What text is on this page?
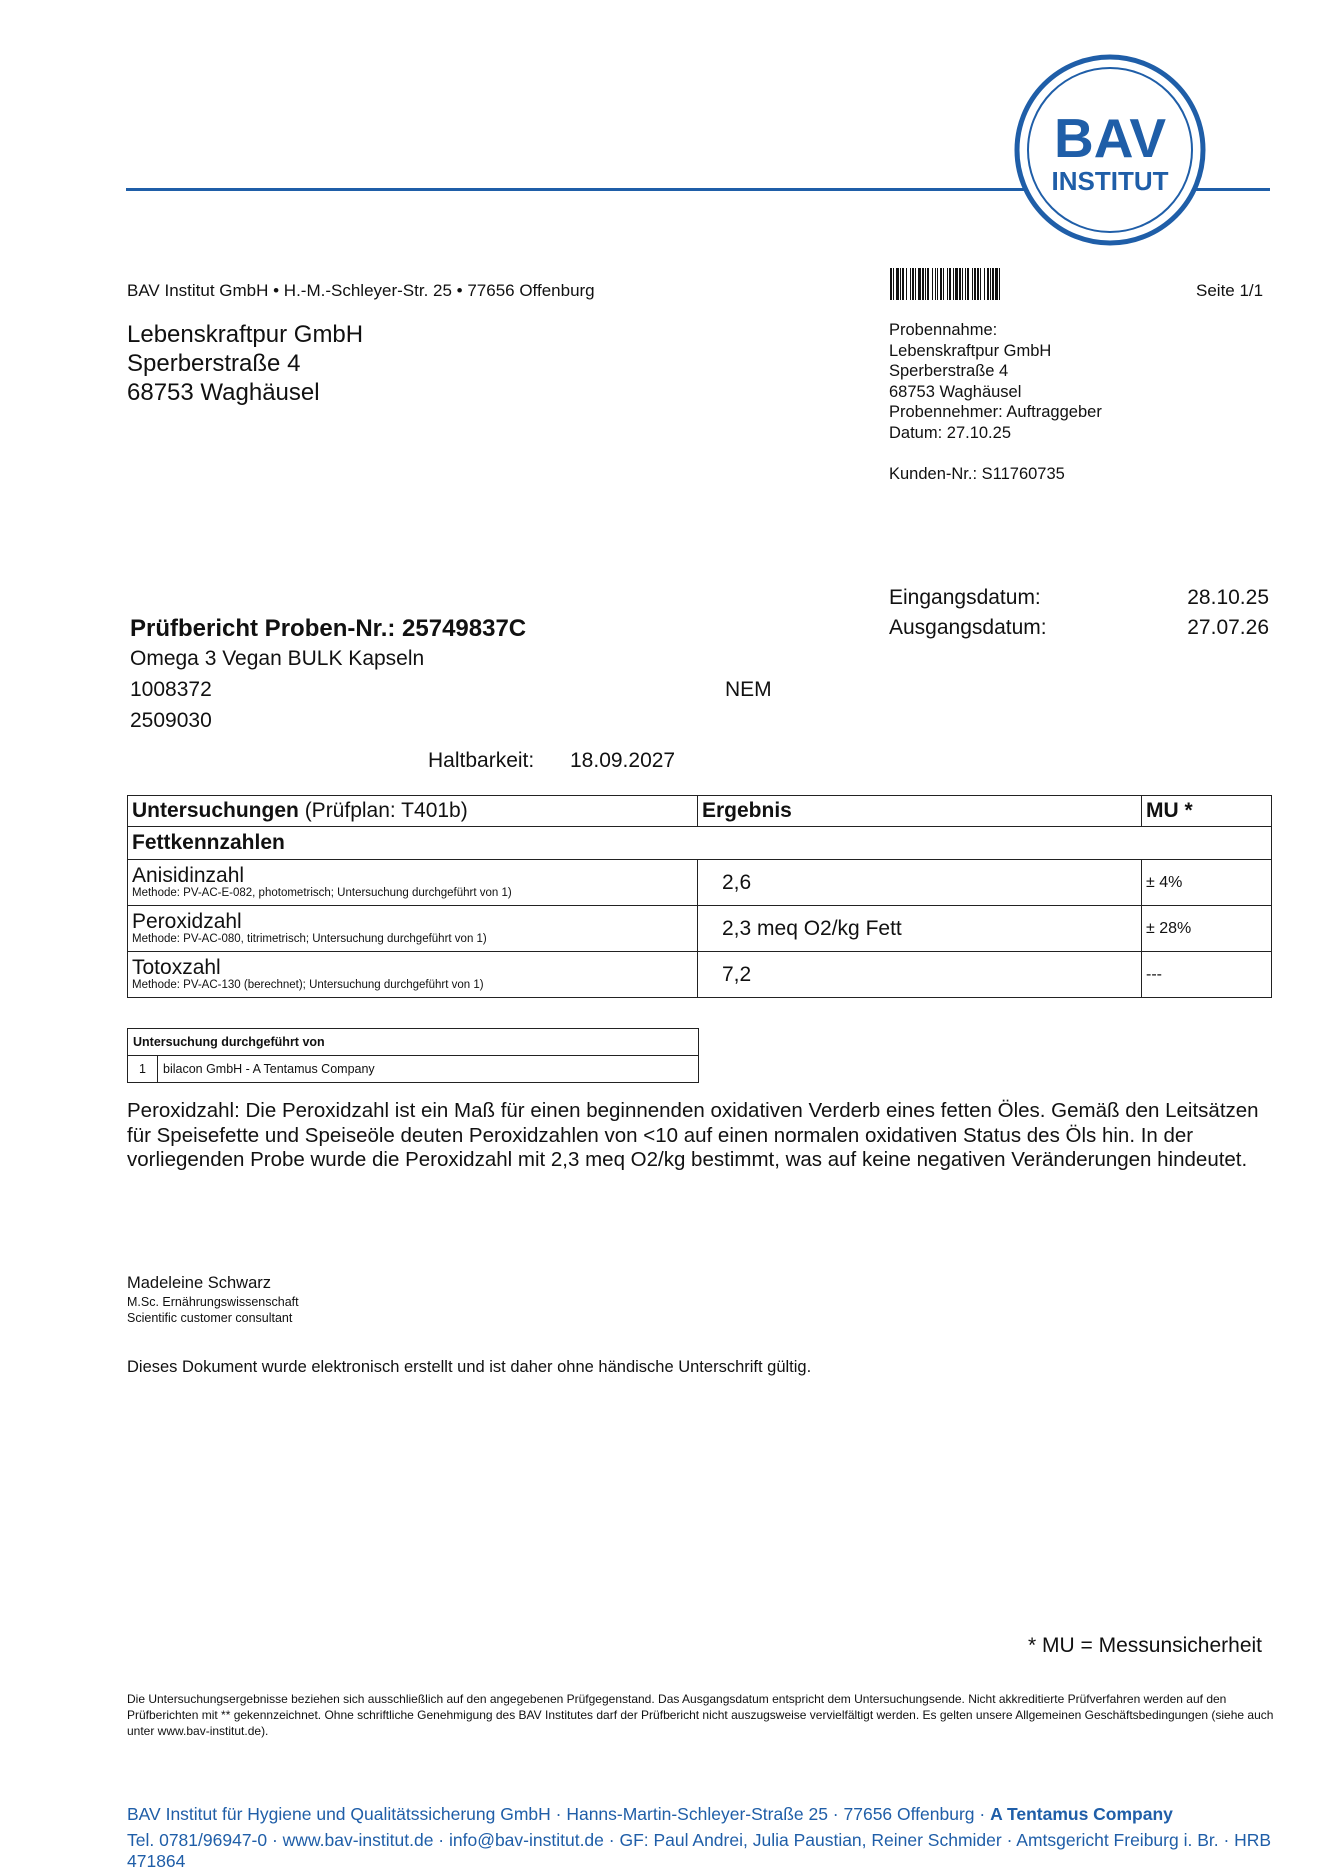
BAV
INSTITUT
BAV Institut GmbH • H.-M.-Schleyer-Str. 25 • 77656 Offenburg	Seite 1/1
Lebenskraftpur GmbH
Sperberstraße 4
68753 Waghäusel
Probennahme:
Lebenskraftpur GmbH
Sperberstraße 4
68753 Waghäusel
Probennehmer: Auftraggeber
Datum: 27.10.25
Kunden-Nr.: S11760735
Eingangsdatum:	28.10.25
Ausgangsdatum:	27.07.26
Prüfbericht Proben-Nr.: 25749837C
Omega 3 Vegan BULK Kapseln
1008372	NEM
2509030
Haltbarkeit: 18.09.2027
Untersuchungen (Prüfplan: T401b)	Ergebnis	MU *
Fettkennzahlen		

Anisidinzahl
Methode: PV-AC-E-082, photometrisch; Untersuchung durchgeführt von 1)	2,6	± 4%

Peroxidzahl
Methode: PV-AC-080, titrimetrisch; Untersuchung durchgeführt von 1)	2,3 meq O2/kg Fett	± 28%

Totoxzahl
Methode: PV-AC-130 (berechnet); Untersuchung durchgeführt von 1)	7,2	---
Untersuchung durchgeführt von
1	bilacon GmbH - A Tentamus Company
Peroxidzahl: Die Peroxidzahl ist ein Maß für einen beginnenden oxidativen Verderb eines fetten Öles. Gemäß den Leitsätzen für Speisefette und Speiseöle deuten Peroxidzahlen von <10 auf einen normalen oxidativen Status des Öls hin. In der vorliegenden Probe wurde die Peroxidzahl mit 2,3 meq O2/kg bestimmt, was auf keine negativen Veränderungen hindeutet.
Madeleine Schwarz
M.Sc. Ernährungswissenschaft
Scientific customer consultant
Dieses Dokument wurde elektronisch erstellt und ist daher ohne händische Unterschrift gültig.
* MU = Messunsicherheit
Die Untersuchungsergebnisse beziehen sich ausschließlich auf den angegebenen Prüfgegenstand. Das Ausgangsdatum entspricht dem Untersuchungsende. Nicht akkreditierte Prüfverfahren werden auf den Prüfberichten mit ** gekennzeichnet. Ohne schriftliche Genehmigung des BAV Institutes darf der Prüfbericht nicht auszugsweise vervielfältigt werden. Es gelten unsere Allgemeinen Geschäftsbedingungen (siehe auch unter www.bav-institut.de).
BAV Institut für Hygiene und Qualitätssicherung GmbH · Hanns-Martin-Schleyer-Straße 25 · 77656 Offenburg · A Tentamus Company
Tel. 0781/96947-0 · www.bav-institut.de · info@bav-institut.de · GF: Paul Andrei, Julia Paustian, Reiner Schmider · Amtsgericht Freiburg i. Br. · HRB 471864
